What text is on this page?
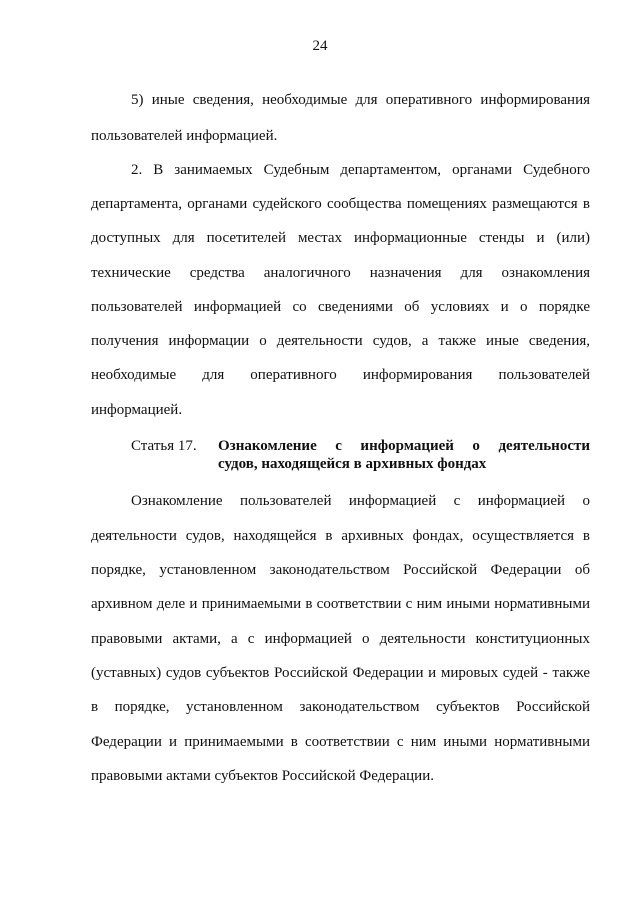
24
5) иные сведения, необходимые для оперативного информирования
пользователей информацией.
2. В занимаемых Судебным департаментом, органами Судебного
департамента, органами судейского сообщества помещениях размещаются в
доступных для посетителей местах информационные стенды и (или)
технические средства аналогичного назначения для ознакомления
пользователей информацией со сведениями об условиях и о порядке
получения информации о деятельности судов, а также иные сведения,
необходимые для оперативного информирования пользователей
информацией.
Статья 17. Ознакомление с информацией о деятельности
судов, находящейся в архивных фондах
Ознакомление пользователей информацией с информацией о
деятельности судов, находящейся в архивных фондах, осуществляется в
порядке, установленном законодательством Российской Федерации об
архивном деле и принимаемыми в соответствии с ним иными нормативными
правовыми актами, а с информацией о деятельности конституционных
(уставных) судов субъектов Российской Федерации и мировых судей - также
в порядке, установленном законодательством субъектов Российской
Федерации и принимаемыми в соответствии с ним иными нормативными
правовыми актами субъектов Российской Федерации.
